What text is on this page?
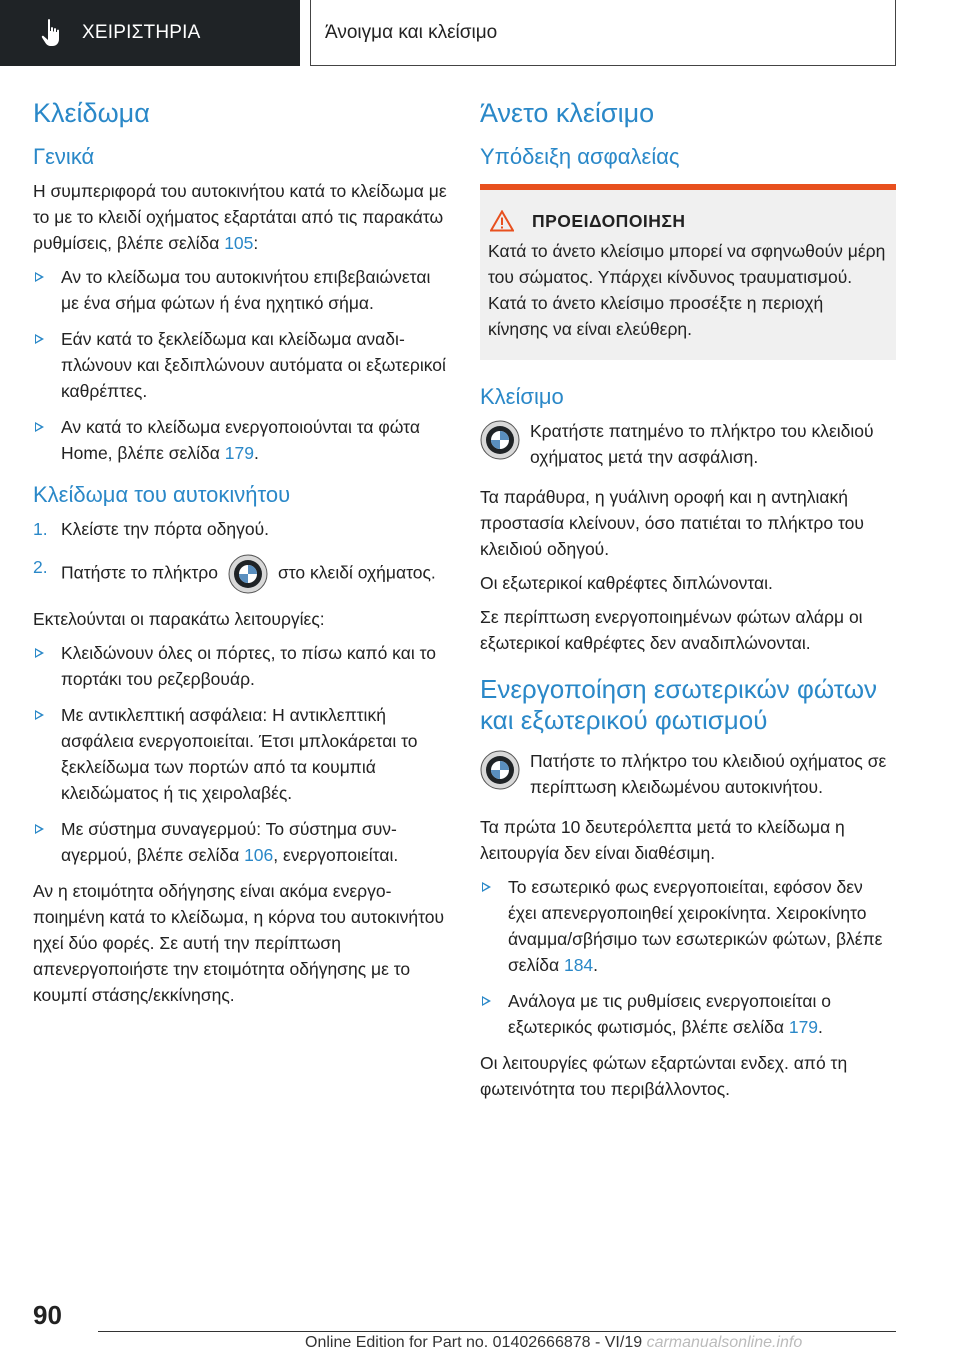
ΧΕΙΡΙΣΤΗΡΙΑ	Άνοιγμα και κλείσιμο
Κλείδωμα
Γενικά

Η συμπεριφορά του αυτοκινήτου κατά το κλείδωμα με το με το κλειδί οχήματος εξαρτάται από τις παρακάτω ρυθμίσεις, βλέπε σελίδα 105:

Αν το κλείδωμα του αυτοκινήτου επιβεβαιώνεται με ένα σήμα φώτων ή ένα ηχητικό σήμα.
Εάν κατά το ξεκλείδωμα και κλείδωμα αναδιπλώνουν και ξεδιπλώνουν αυτόματα οι εξωτερικοί καθρέπτες.
Αν κατά το κλείδωμα ενεργοποιούνται τα φώτα Home, βλέπε σελίδα 179.
Κλείδωμα του αυτοκινήτου
1. Κλείστε την πόρτα οδηγού.
2. Πατήστε το πλήκτρο	στο κλειδί οχήματος.

Εκτελούνται οι παρακάτω λειτουργίες:

Κλειδώνουν όλες οι πόρτες, το πίσω καπό και το πορτάκι του ρεζερβουάρ.
Με αντικλεπτική ασφάλεια: Η αντικλεπτική ασφάλεια ενεργοποιείται. Έτσι μπλοκάρεται το ξεκλείδωμα των πορτών από τα κουμπιά κλειδώματος ή τις χειρολαβές.
Με σύστημα συναγερμού: Το σύστημα συναγερμού, βλέπε σελίδα 106, ενεργοποιείται.

Αν η ετοιμότητα οδήγησης είναι ακόμα ενεργοποιημένη κατά το κλείδωμα, η κόρνα του αυτοκινήτου ηχεί δύο φορές. Σε αυτή την περίπτωση απενεργοποιήστε την ετοιμότητα οδήγησης με το κουμπί στάσης/εκκίνησης.

Άνετο κλείσιμο
Υπόδειξη ασφαλείας
ΠΡΟΕΙΔΟΠΟΙΗΣΗ

Κατά το άνετο κλείσιμο μπορεί να σφηνωθούν μέρη του σώματος. Υπάρχει κίνδυνος τραυματισμού. Κατά το άνετο κλείσιμο προσέξτε η περιοχή κίνησης να είναι ελεύθερη.

Κλείσιμο

Κρατήστε πατημένο το πλήκτρο του κλειδιού οχήματος μετά την ασφάλιση.

Τα παράθυρα, η γυάλινη οροφή και η αντηλιακή προστασία κλείνουν, όσο πατιέται το πλήκτρο του κλειδιού οδηγού.

Οι εξωτερικοί καθρέφτες διπλώνονται.

Σε περίπτωση ενεργοποιημένων φώτων αλάρμ οι εξωτερικοί καθρέφτες δεν αναδιπλώνονται.

Ενεργοποίηση εσωτερικών φώτων και εξωτερικού φωτισμού

Πατήστε το πλήκτρο του κλειδιού οχήματος σε περίπτωση κλειδωμένου αυτοκινήτου.

Τα πρώτα 10 δευτερόλεπτα μετά το κλείδωμα η λειτουργία δεν είναι διαθέσιμη.

Το εσωτερικό φως ενεργοποιείται, εφόσον δεν έχει απενεργοποιηθεί χειροκίνητα. Χειροκίνητο άναμμα/σβήσιμο των εσωτερικών φώτων, βλέπε σελίδα 184.
Ανάλογα με τις ρυθμίσεις ενεργοποιείται ο εξωτερικός φωτισμός, βλέπε σελίδα 179.

Οι λειτουργίες φώτων εξαρτώνται ενδεχ. από τη φωτεινότητα του περιβάλλοντος.

90
Online Edition for Part no. 01402666878 - VI/19 carmanualsonline.info
